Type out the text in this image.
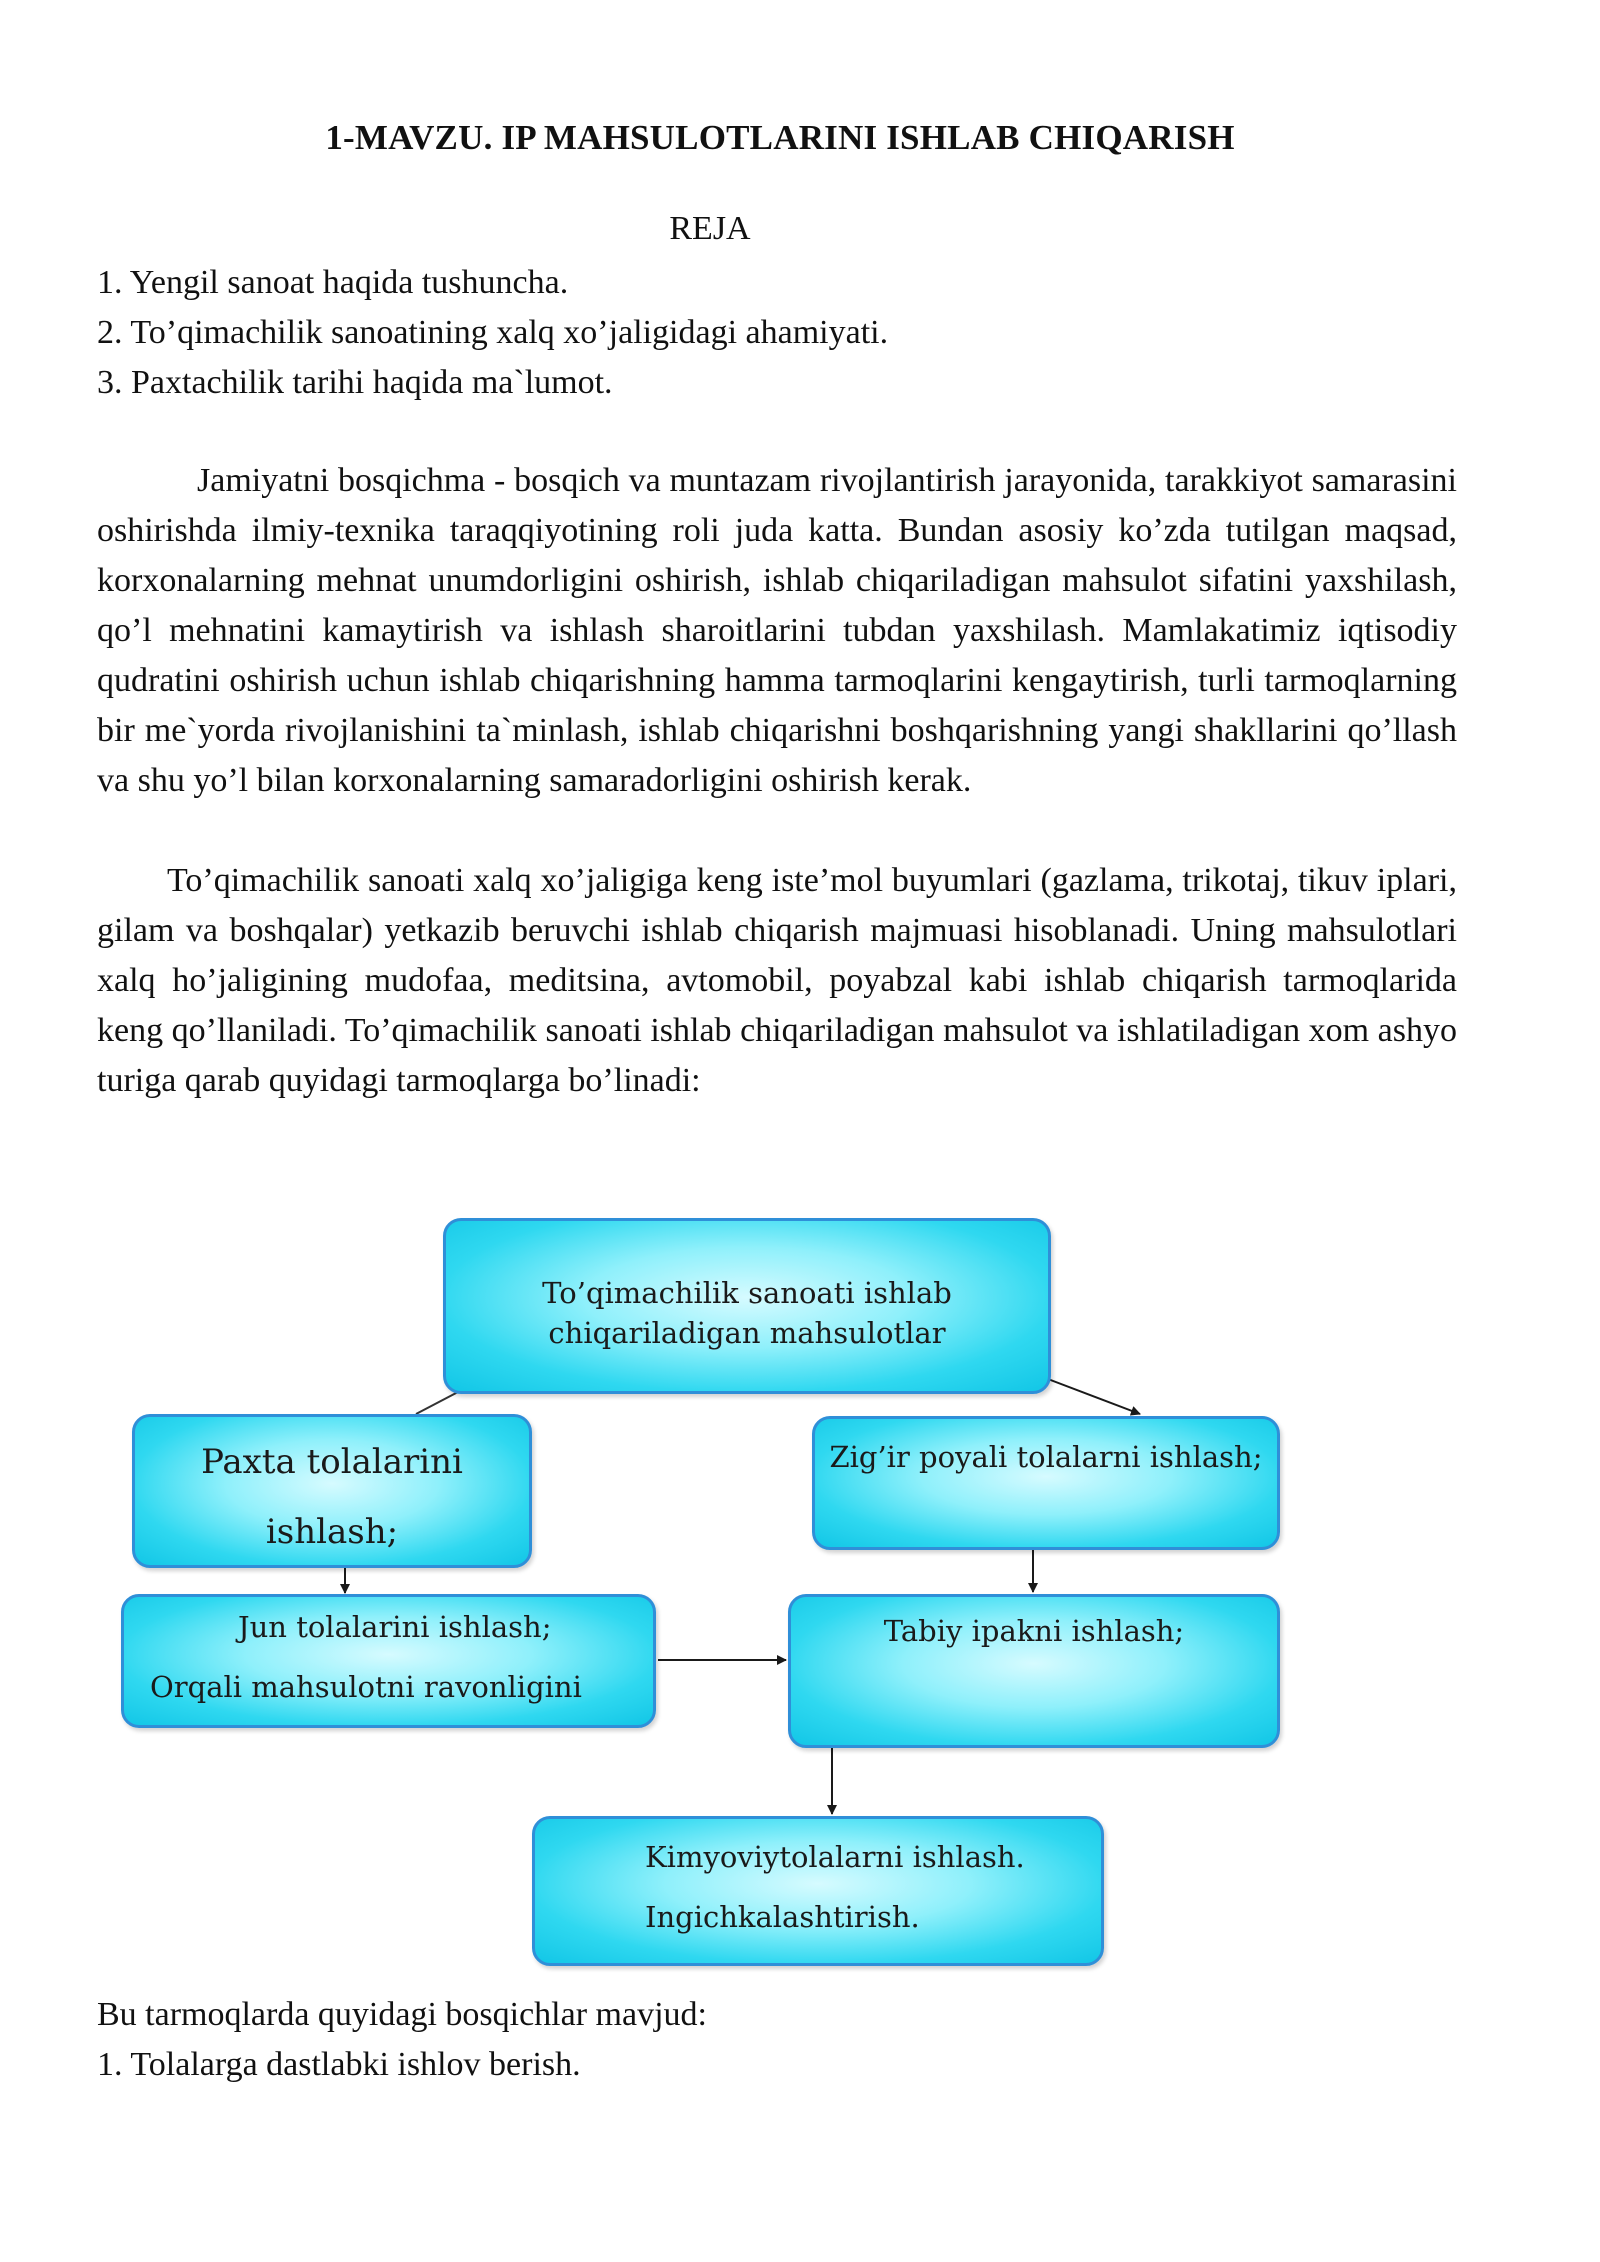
1-MAVZU. IP MAHSULOTLARINI ISHLAB CHIQARISH
REJA
1. Yengil sanoat haqida tushuncha.
2. To’qimachilik sanoatining xalq xo’jaligidagi ahamiyati.
3. Paxtachilik tarihi haqida ma`lumot.

Jamiyatni bosqichma - bosqich va muntazam rivojlantirish jarayonida, tarakkiyot samarasini oshirishda ilmiy-texnika taraqqiyotining roli juda katta. Bundan asosiy ko’zda tutilgan maqsad, korxonalarning mehnat unumdorligini oshirish, ishlab chiqariladigan mahsulot sifatini yaxshilash, qo’l mehnatini kamaytirish va ishlash sharoitlarini tubdan yaxshilash. Mamlakatimiz iqtisodiy qudratini oshirish uchun ishlab chiqarishning hamma tarmoqlarini kengaytirish, turli tarmoqlarning bir me`yorda rivojlanishini ta`minlash, ishlab chiqarishni boshqarishning yangi shakllarini qo’llash va shu yo’l bilan korxonalarning samaradorligini oshirish kerak.

To’qimachilik sanoati xalq xo’jaligiga keng iste’mol buyumlari (gazlama, trikotaj, tikuv iplari, gilam va boshqalar) yetkazib beruvchi ishlab chiqarish majmuasi hisoblanadi. Uning mahsulotlari xalq ho’jaligining mudofaa, meditsina, avtomobil, poyabzal kabi ishlab chiqarish tarmoqlarida keng qo’llaniladi. To’qimachilik sanoati ishlab chiqariladigan mahsulot va ishlatiladigan xom ashyo turiga qarab quyidagi tarmoqlarga bo’linadi:

To’qimachilik sanoati ishlab
chiqariladigan mahsulotlar
Paxta tolalarini
ishlash;
Zig’ir poyali tolalarni ishlash;
Jun tolalarini ishlash;
Orqali mahsulotni ravonligini
Tabiy ipakni ishlash;
Kimyoviytolalarni ishlash.
Ingichkalashtirish.
Bu tarmoqlarda quyidagi bosqichlar mavjud:
1. Tolalarga dastlabki ishlov berish.
